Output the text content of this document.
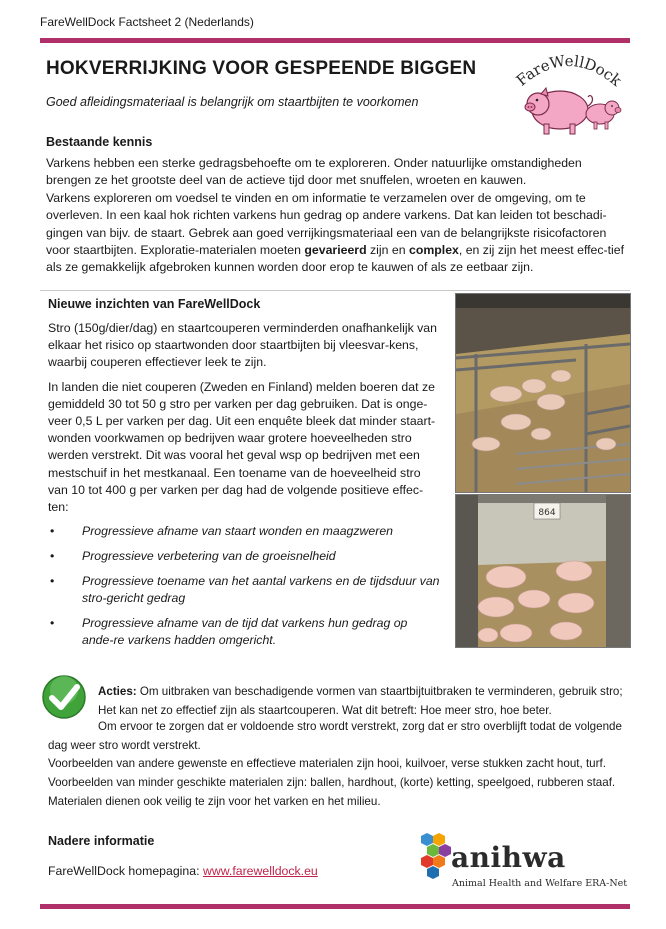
FareWellDock Factsheet 2 (Nederlands)
FareWellDock
HOKVERRIJKING VOOR GESPEENDE BIGGEN
Goed afleidingsmateriaal is belangrijk om staartbijten te voorkomen
Bestaande kennis
Varkens hebben een sterke gedragsbehoefte om te exploreren. Onder natuurlijke omstandigheden brengen ze het grootste deel van de actieve tijd door met snuffelen, wroeten en kauwen.
Varkens exploreren om voedsel te vinden en om informatie te verzamelen over de omgeving, om te overleven. In een kaal hok richten varkens hun gedrag op andere varkens. Dat kan leiden tot beschadi-gingen van bijv. de staart. Gebrek aan goed verrijkingsmateriaal een van de belangrijkste risicofactoren voor staartbijten. Exploratie-materialen moeten gevarieerd zijn en complex, en zij zijn het meest effec-tief als ze gemakkelijk afgebroken kunnen worden door erop te kauwen of als ze eetbaar zijn.
Nieuwe inzichten van FareWellDock

Stro (150g/dier/dag) en staartcouperen verminderden onafhankelijk van elkaar het risico op staartwonden door staartbijten bij vleesvar-kens, waarbij couperen effectiever leek te zijn.

In landen die niet couperen (Zweden en Finland) melden boeren dat ze gemiddeld 30 tot 50 g stro per varken per dag gebruiken. Dat is onge-veer 0,5 L per varken per dag. Uit een enquête bleek dat minder staart-wonden voorkwamen op bedrijven waar grotere hoeveelheden stro werden verstrekt. Dit was vooral het geval wsp op bedrijven met een mestschuif in het mestkanaal. Een toename van de hoeveelheid stro van 10 tot 400 g per varken per dag had de volgende positieve effec-ten:

• Progressieve afname van staart wonden en maagzweren
• Progressieve verbetering van de groeisnelheid
• Progressieve toename van het aantal varkens en de tijdsduur van stro-gericht gedrag
• Progressieve afname van de tijd dat varkens hun gedrag op ande-re varkens hadden omgericht.
864
Acties: Om uitbraken van beschadigende vormen van staartbijtuitbraken te verminderen, gebruik stro; Het kan net zo effectief zijn als staartcouperen. Wat dit betreft: Hoe meer stro, hoe beter.
Om ervoor te zorgen dat er voldoende stro wordt verstrekt, zorg dat er stro overblijft todat de volgende dag weer stro wordt verstrekt.
Voorbeelden van andere gewenste en effectieve materialen zijn hooi, kuilvoer, verse stukken zacht hout, turf.
Voorbeelden van minder geschikte materialen zijn: ballen, hardhout, (korte) ketting, speelgoed, rubberen staaf.
Materialen dienen ook veilig te zijn voor het varken en het milieu.
Nadere informatie
FareWellDock homepagina: www.farewelldock.eu	anihwa
Animal Health and Welfare ERA-Net
